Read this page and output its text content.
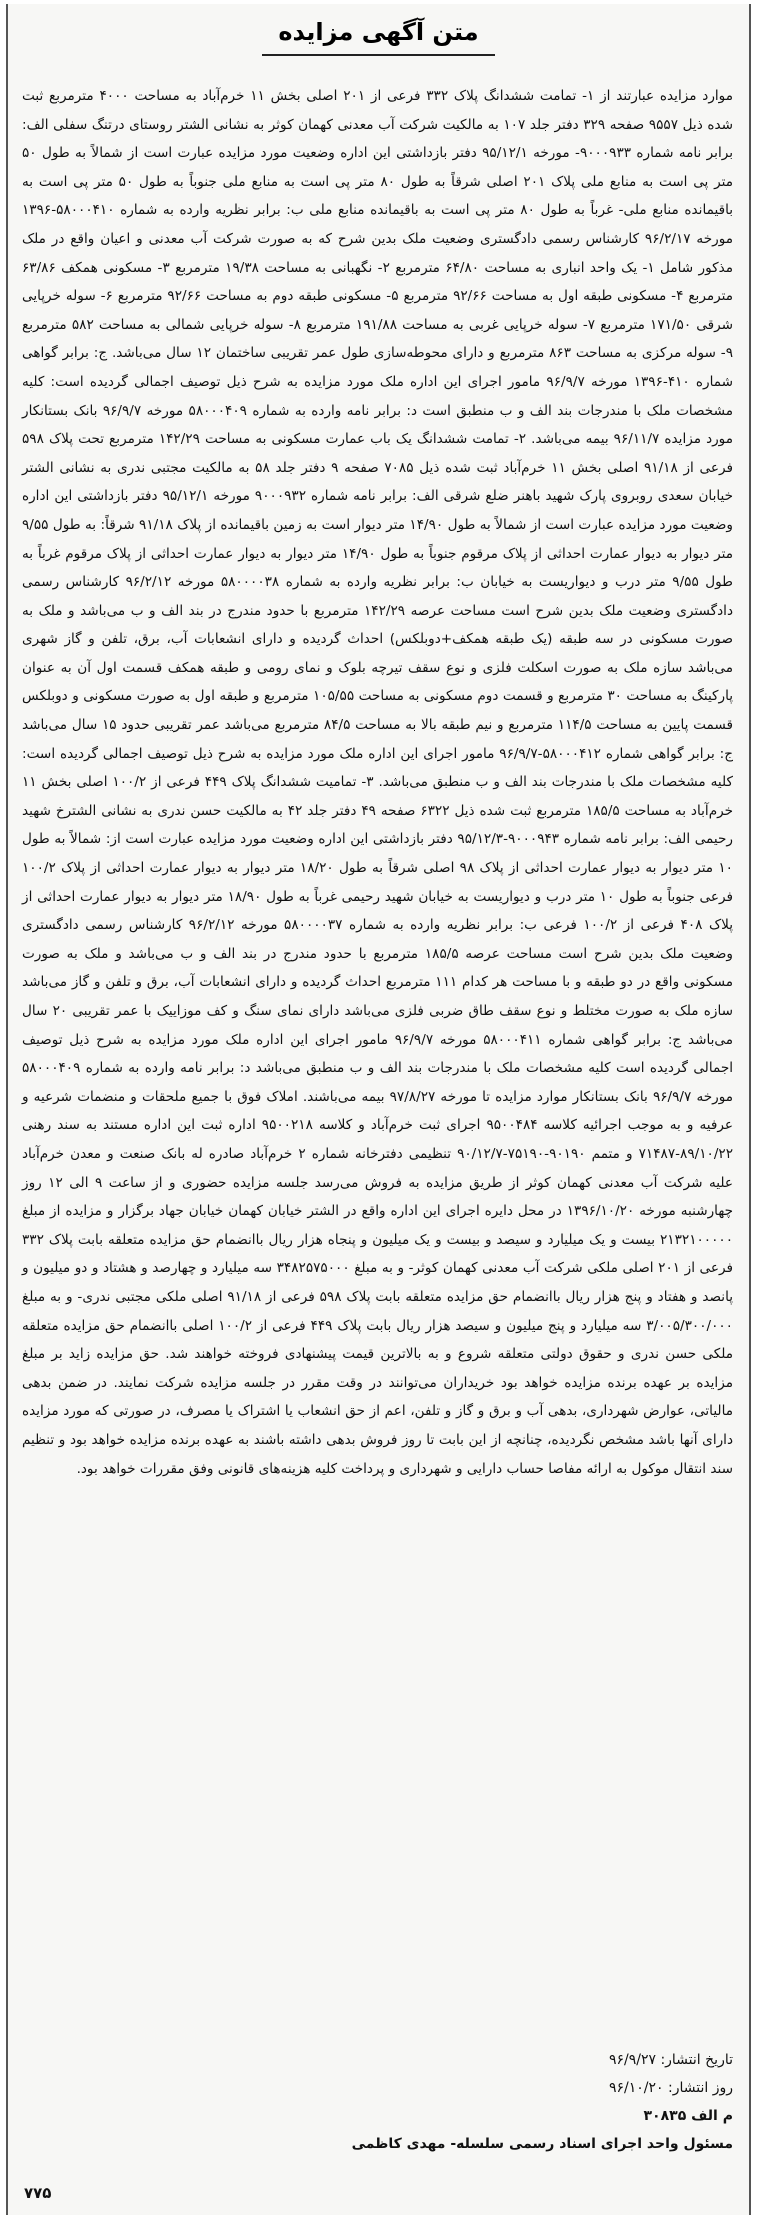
متن آگهی مزایده

موارد مزایده عبارتند از ۱- تمامت ششدانگ پلاک ۳۳۲ فرعی از ۲۰۱ اصلی بخش ۱۱ خرم‌آباد به مساحت ۴۰۰۰ مترمربع ثبت شده ذیل ۹۵۵۷ صفحه ۳۲۹ دفتر جلد ۱۰۷ به مالکیت شرکت آب معدنی کهمان کوثر به نشانی الشتر روستای درتنگ سفلی الف: برابر نامه شماره ۹۰۰۰۹۳۳- مورخه ۹۵/۱۲/۱ دفتر بازداشتی این اداره وضعیت مورد مزایده عبارت است از شمالاً به طول ۵۰ متر پی است به منابع ملی پلاک ۲۰۱ اصلی شرقاً به طول ۸۰ متر پی است به منابع ملی جنوباً به طول ۵۰ متر پی است به باقیمانده منابع ملی- غرباً به طول ۸۰ متر پی است به باقیمانده منابع ملی ب: برابر نظریه وارده به شماره ۵۸۰۰۰۴۱۰-۱۳۹۶ مورخه ۹۶/۲/۱۷ کارشناس رسمی دادگستری وضعیت ملک بدین شرح که به صورت شرکت آب معدنی و اعیان واقع در ملک مذکور شامل ۱- یک واحد انباری به مساحت ۶۴/۸۰ مترمربع ۲- نگهبانی به مساحت ۱۹/۳۸ مترمربع ۳- مسکونی همکف ۶۳/۸۶ مترمربع ۴- مسکونی طبقه اول به مساحت ۹۲/۶۶ مترمربع ۵- مسکونی طبقه دوم به مساحت ۹۲/۶۶ مترمربع ۶- سوله خرپایی شرقی ۱۷۱/۵۰ مترمربع ۷- سوله خرپایی غربی به مساحت ۱۹۱/۸۸ مترمربع ۸- سوله خرپایی شمالی به مساحت ۵۸۲ مترمربع ۹- سوله مرکزی به مساحت ۸۶۳ مترمربع و دارای محوطه‌سازی طول عمر تقریبی ساختمان ۱۲ سال می‌باشد. ج: برابر گواهی شماره ۴۱۰-۱۳۹۶ مورخه ۹۶/۹/۷ مامور اجرای این اداره ملک مورد مزایده به شرح ذیل توصیف اجمالی گردیده است: کلیه مشخصات ملک با مندرجات بند الف و ب منطبق است د: برابر نامه وارده به شماره ۵۸۰۰۰۴۰۹ مورخه ۹۶/۹/۷ بانک بستانکار مورد مزایده ۹۶/۱۱/۷ بیمه می‌باشد. ۲- تمامت ششدانگ یک باب عمارت مسکونی به مساحت ۱۴۲/۲۹ مترمربع تحت پلاک ۵۹۸ فرعی از ۹۱/۱۸ اصلی بخش ۱۱ خرم‌آباد ثبت شده ذیل ۷۰۸۵ صفحه ۹ دفتر جلد ۵۸ به مالکیت مجتبی ندری به نشانی الشتر خیابان سعدی روبروی پارک شهید باهنر ضلع شرقی الف: برابر نامه شماره ۹۰۰۰۹۳۲ مورخه ۹۵/۱۲/۱ دفتر بازداشتی این اداره وضعیت مورد مزایده عبارت است از شمالاً به طول ۱۴/۹۰ متر دیوار است به زمین باقیمانده از پلاک ۹۱/۱۸ شرقاً: به طول ۹/۵۵ متر دیوار به دیوار عمارت احداثی از پلاک مرقوم جنوباً به طول ۱۴/۹۰ متر دیوار به دیوار عمارت احداثی از پلاک مرقوم غرباً به طول ۹/۵۵ متر درب و دیواریست به خیابان ب: برابر نظریه وارده به شماره ۵۸۰۰۰۰۳۸ مورخه ۹۶/۲/۱۲ کارشناس رسمی دادگستری وضعیت ملک بدین شرح است مساحت عرصه ۱۴۲/۲۹ مترمربع با حدود مندرج در بند الف و ب می‌باشد و ملک به صورت مسکونی در سه طبقه (یک طبقه همکف+دوبلکس) احداث گردیده و دارای انشعابات آب، برق، تلفن و گاز شهری می‌باشد سازه ملک به صورت اسکلت فلزی و نوع سقف تیرچه بلوک و نمای رومی و طبقه همکف قسمت اول آن به عنوان پارکینگ به مساحت ۳۰ مترمربع و قسمت دوم مسکونی به مساحت ۱۰۵/۵۵ مترمربع و طبقه اول به صورت مسکونی و دوبلکس قسمت پایین به مساحت ۱۱۴/۵ مترمربع و نیم طبقه بالا به مساحت ۸۴/۵ مترمربع می‌باشد عمر تقریبی حدود ۱۵ سال می‌باشد ج: برابر گواهی شماره ۵۸۰۰۰۴۱۲-۹۶/۹/۷ مامور اجرای این اداره ملک مورد مزایده به شرح ذیل توصیف اجمالی گردیده است: کلیه مشخصات ملک با مندرجات بند الف و ب منطبق می‌باشد. ۳- تمامیت ششدانگ پلاک ۴۴۹ فرعی از ۱۰۰/۲ اصلی بخش ۱۱ خرم‌آباد به مساحت ۱۸۵/۵ مترمربع ثبت شده ذیل ۶۳۲۲ صفحه ۴۹ دفتر جلد ۴۲ به مالکیت حسن ندری به نشانی الشترخ شهید رحیمی الف: برابر نامه شماره ۹۰۰۰۹۴۳-۹۵/۱۲/۳ دفتر بازداشتی این اداره وضعیت مورد مزایده عبارت است از: شمالاً به طول ۱۰ متر دیوار به دیوار عمارت احداثی از پلاک ۹۸ اصلی شرقاً به طول ۱۸/۲۰ متر دیوار به دیوار عمارت احداثی از پلاک ۱۰۰/۲ فرعی جنوباً به طول ۱۰ متر درب و دیواریست به خیابان شهید رحیمی غرباً به طول ۱۸/۹۰ متر دیوار به دیوار عمارت احداثی از پلاک ۴۰۸ فرعی از ۱۰۰/۲ فرعی ب: برابر نظریه وارده به شماره ۵۸۰۰۰۰۳۷ مورخه ۹۶/۲/۱۲ کارشناس رسمی دادگستری وضعیت ملک بدین شرح است مساحت عرصه ۱۸۵/۵ مترمربع با حدود مندرج در بند الف و ب می‌باشد و ملک به صورت مسکونی واقع در دو طبقه و با مساحت هر کدام ۱۱۱ مترمربع احداث گردیده و دارای انشعابات آب، برق و تلفن و گاز می‌باشد سازه ملک به صورت مختلط و نوع سقف طاق ضربی فلزی می‌باشد دارای نمای سنگ و کف موزاییک با عمر تقریبی ۲۰ سال می‌باشد ج: برابر گواهی شماره ۵۸۰۰۰۴۱۱ مورخه ۹۶/۹/۷ مامور اجرای این اداره ملک مورد مزایده به شرح ذیل توصیف اجمالی گردیده است کلیه مشخصات ملک با مندرجات بند الف و ب منطبق می‌باشد د: برابر نامه وارده به شماره ۵۸۰۰۰۴۰۹ مورخه ۹۶/۹/۷ بانک بستانکار موارد مزایده تا مورخه ۹۷/۸/۲۷ بیمه می‌باشند. املاک فوق با جمیع ملحقات و منضمات شرعیه و عرفیه و به موجب اجرائیه کلاسه ۹۵۰۰۴۸۴ اجرای ثبت خرم‌آباد و کلاسه ۹۵۰۰۲۱۸ اداره ثبت این اداره مستند به سند رهنی ۸۹/۱۰/۲۲-۷۱۴۸۷ و متمم ۹۰۱۹۰-۷۵۱۹۰-۹۰/۱۲/۷ تنظیمی دفترخانه شماره ۲ خرم‌آباد صادره له بانک صنعت و معدن خرم‌آباد علیه شرکت آب معدنی کهمان کوثر از طریق مزایده به فروش می‌رسد جلسه مزایده حضوری و از ساعت ۹ الی ۱۲ روز چهارشنبه مورخه ۱۳۹۶/۱۰/۲۰ در محل دایره اجرای این اداره واقع در الشتر خیابان کهمان خیابان جهاد برگزار و مزایده از مبلغ ۲۱۳۲۱۰۰۰۰۰ بیست و یک میلیارد و سیصد و بیست و یک میلیون و پنجاه هزار ریال باانضمام حق مزایده متعلقه بابت پلاک ۳۳۲ فرعی از ۲۰۱ اصلی ملکی شرکت آب معدنی کهمان کوثر- و به مبلغ ۳۴۸۲۵۷۵۰۰۰ سه میلیارد و چهارصد و هشتاد و دو میلیون و پانصد و هفتاد و پنج هزار ریال باانضمام حق مزایده متعلقه بابت پلاک ۵۹۸ فرعی از ۹۱/۱۸ اصلی ملکی مجتبی ندری- و به مبلغ ۳/۰۰۵/۳۰۰/۰۰۰ سه میلیارد و پنج میلیون و سیصد هزار ریال بابت پلاک ۴۴۹ فرعی از ۱۰۰/۲ اصلی باانضمام حق مزایده متعلقه ملکی حسن ندری و حقوق دولتی متعلقه شروع و به بالاترین قیمت پیشنهادی فروخته خواهند شد. حق مزایده زاید بر مبلغ مزایده بر عهده برنده مزایده خواهد بود خریداران می‌توانند در وقت مقرر در جلسه مزایده شرکت نمایند. در ضمن بدهی مالیاتی، عوارض شهرداری، بدهی آب و برق و گاز و تلفن، اعم از حق انشعاب یا اشتراک یا مصرف، در صورتی که مورد مزایده دارای آنها باشد مشخص نگردیده، چنانچه از این بابت تا روز فروش بدهی داشته باشند به عهده برنده مزایده خواهد بود و تنظیم سند انتقال موکول به ارائه مفاصا حساب دارایی و شهرداری و پرداخت کلیه هزینه‌های قانونی وفق مقررات خواهد بود.

تاریخ انتشار: ۹۶/۹/۲۷
روز انتشار: ۹۶/۱۰/۲۰
م الف ۳۰۸۳۵
مسئول واحد اجرای اسناد رسمی سلسله- مهدی کاظمی
۷۷۵
